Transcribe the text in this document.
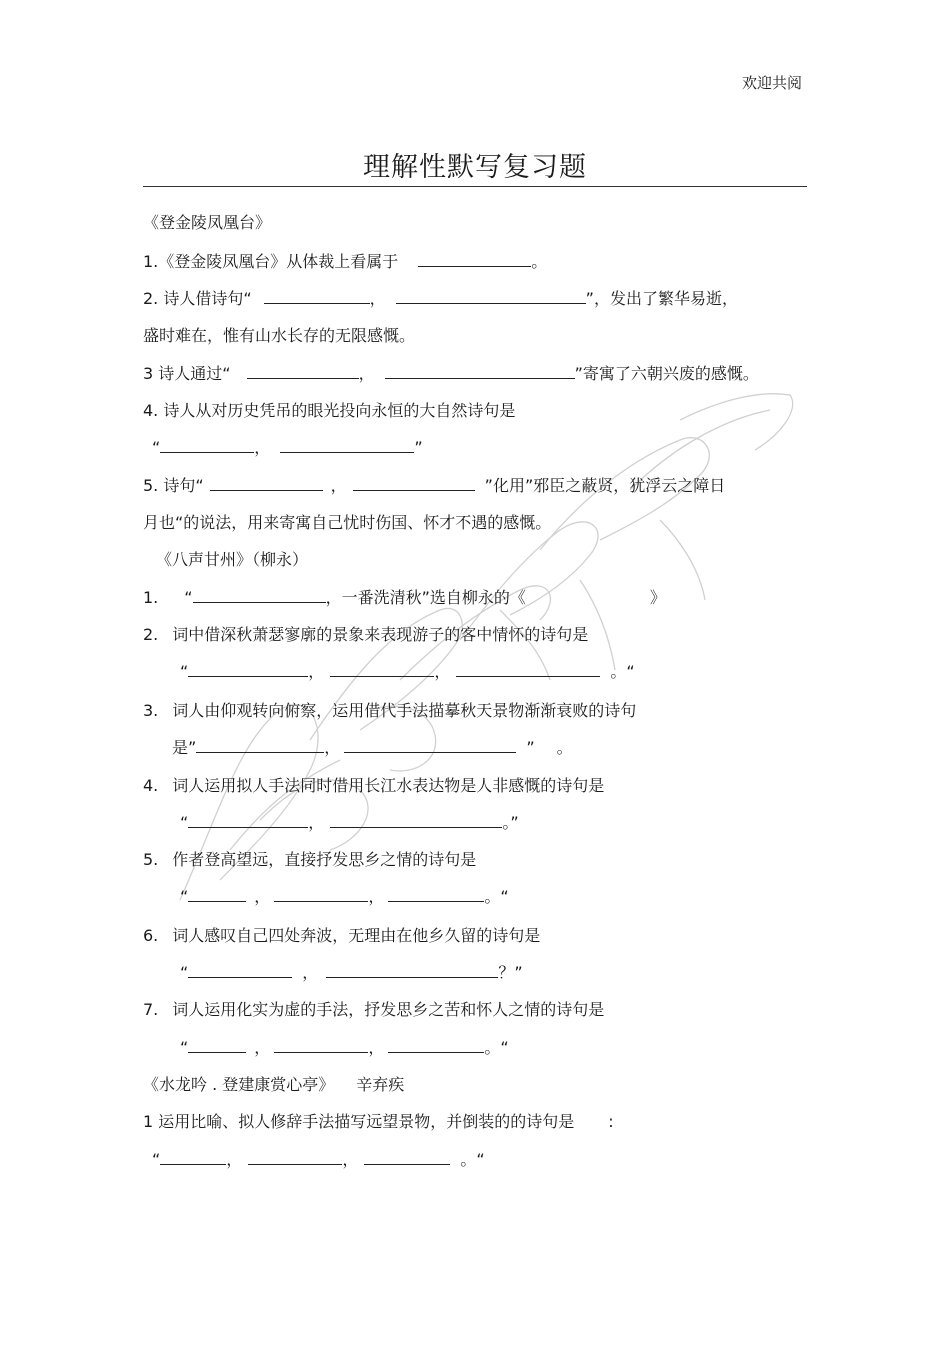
欢迎共阅
理解性默写复习题
《登金陵凤凰台》
1.《登金陵凤凰台》从体裁上看属于	。
2. 诗人借诗句“	，	”，发出了繁华易逝，
盛时难在，惟有山水长存的无限感慨。
3 诗人通过“	，	”寄寓了六朝兴废的感慨。
4. 诗人从对历史凭吊的眼光投向永恒的大自然诗句是
“	，	”
5. 诗句“	，	”化用”邪臣之蔽贤，犹浮云之障日
月也“的说法，用来寄寓自己忧时伤国、怀才不遇的感慨。
《八声甘州》（柳永）
1. “	，一番洗清秋”选自柳永的《	》
2. 词中借深秋萧瑟寥廓的景象来表现游子的客中情怀的诗句是
“	，	，	。“
3. 词人由仰观转向俯察，运用借代手法描摹秋天景物渐渐衰败的诗句
是”	，	” 。
4. 词人运用拟人手法同时借用长江水表达物是人非感慨的诗句是
“	，	。”
5. 作者登高望远，直接抒发思乡之情的诗句是
“	，	，	。“
6. 词人感叹自己四处奔波，无理由在他乡久留的诗句是
“	，	？”
7. 词人运用化实为虚的手法，抒发思乡之苦和怀人之情的诗句是
“	，	，	。“
《水龙吟 . 登建康赏心亭》 辛弃疾
1 运用比喻、拟人修辞手法描写远望景物，并倒装的的诗句是 :
“	，	，	。“
